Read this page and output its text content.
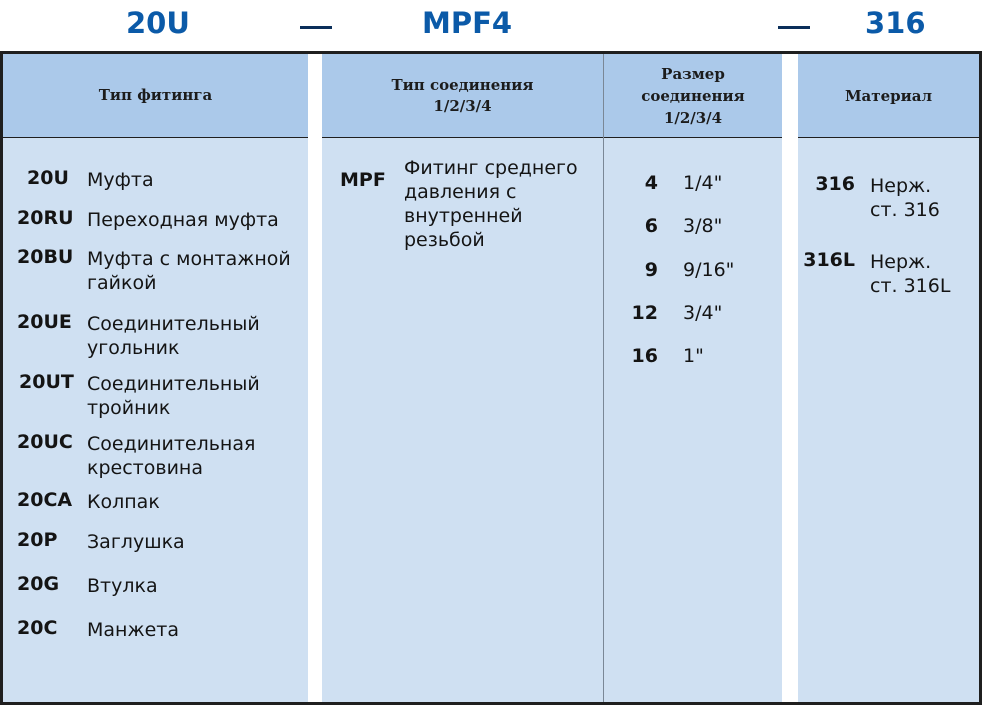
20U	MPF4	316
Тип фитинга
20U Муфта
20RU Переходная муфта
20BU Муфта с монтажной
гайкой
20UE Соединительный
угольник
20UT Соединительный
тройник
20UC Соединительная
крестовина
20CA Колпак
20P Заглушка
20G Втулка
20C Манжета
Тип соединения
1/2/3/4
MPF
Фитинг среднего
давления с
внутренней
резьбой
Размер
соединения
1/2/3/4
4 1/4"
6 3/8"
9 9/16"
12 3/4"
16 1"
Материал
316 Нерж.
ст. 316
316L Нерж.
ст. 316L
